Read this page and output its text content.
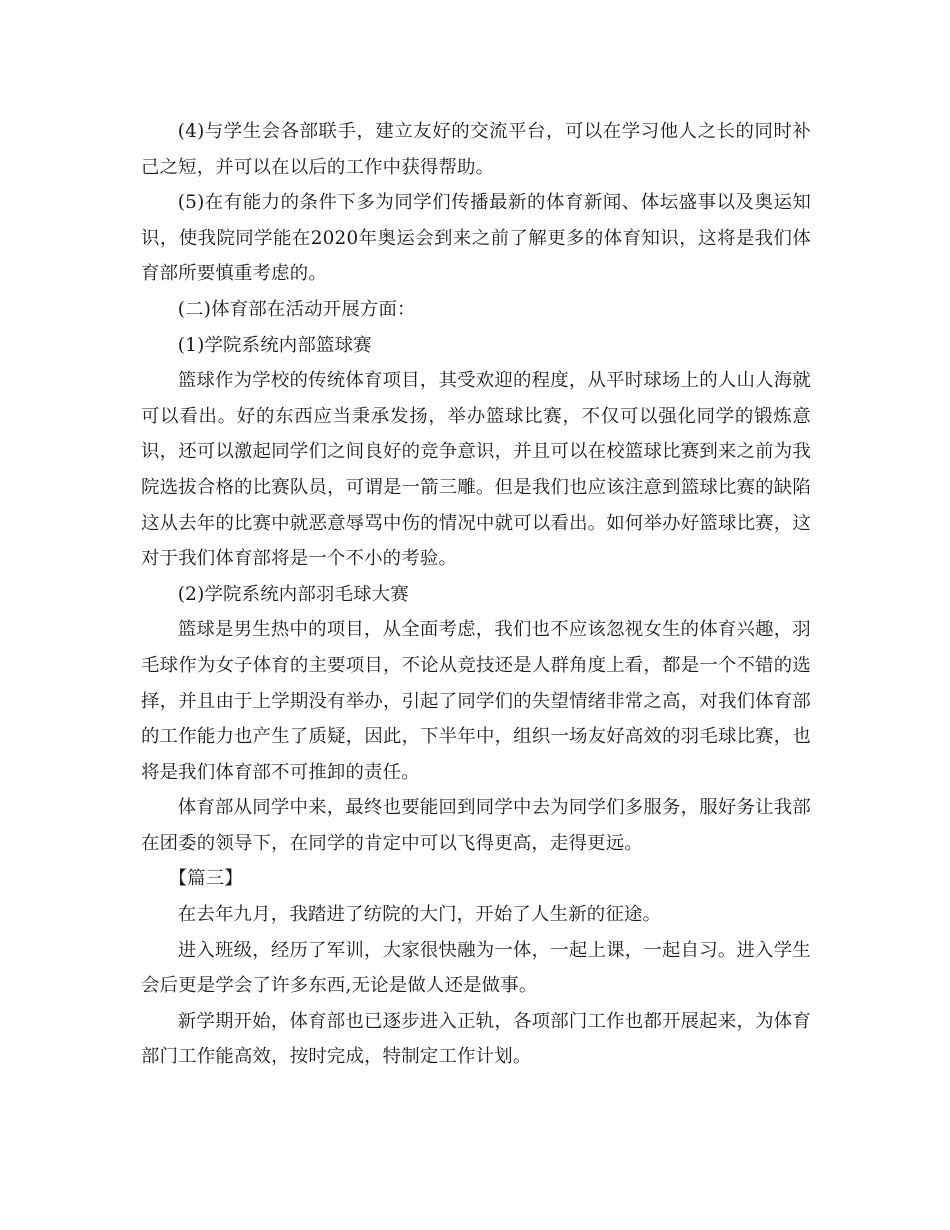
(4)与学生会各部联手，建立友好的交流平台，可以在学习他人之长的同时补己之短，并可以在以后的工作中获得帮助。

(5)在有能力的条件下多为同学们传播最新的体育新闻、体坛盛事以及奥运知识，使我院同学能在2020年奥运会到来之前了解更多的体育知识，这将是我们体育部所要慎重考虑的。

(二)体育部在活动开展方面：

(1)学院系统内部篮球赛

篮球作为学校的传统体育项目，其受欢迎的程度，从平时球场上的人山人海就可以看出。好的东西应当秉承发扬，举办篮球比赛，不仅可以强化同学的锻炼意识，还可以激起同学们之间良好的竞争意识，并且可以在校篮球比赛到来之前为我院选拔合格的比赛队员，可谓是一箭三雕。但是我们也应该注意到篮球比赛的缺陷这从去年的比赛中就恶意辱骂中伤的情况中就可以看出。如何举办好篮球比赛，这对于我们体育部将是一个不小的考验。

(2)学院系统内部羽毛球大赛

篮球是男生热中的项目，从全面考虑，我们也不应该忽视女生的体育兴趣，羽毛球作为女子体育的主要项目，不论从竞技还是人群角度上看，都是一个不错的选择，并且由于上学期没有举办，引起了同学们的失望情绪非常之高，对我们体育部的工作能力也产生了质疑，因此，下半年中，组织一场友好高效的羽毛球比赛，也将是我们体育部不可推卸的责任。

体育部从同学中来，最终也要能回到同学中去为同学们多服务，服好务让我部在团委的领导下，在同学的肯定中可以飞得更高，走得更远。

【篇三】

在去年九月，我踏进了纺院的大门，开始了人生新的征途。

进入班级，经历了军训，大家很快融为一体，一起上课，一起自习。进入学生会后更是学会了许多东西,无论是做人还是做事。

新学期开始，体育部也已逐步进入正轨，各项部门工作也都开展起来，为体育部门工作能高效，按时完成，特制定工作计划。
